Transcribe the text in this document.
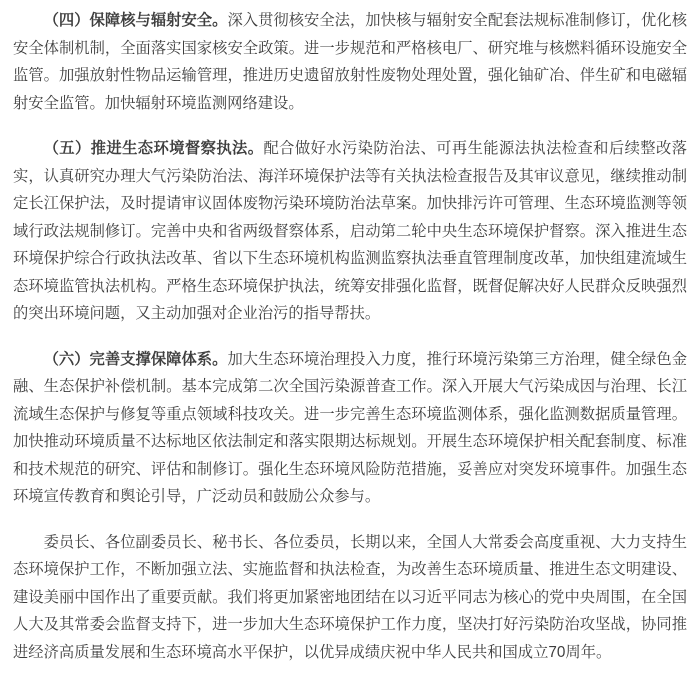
（四）保障核与辐射安全。深入贯彻核安全法，加快核与辐射安全配套法规标准制修订，优化核安全体制机制，全面落实国家核安全政策。进一步规范和严格核电厂、研究堆与核燃料循环设施安全监管。加强放射性物品运输管理，推进历史遗留放射性废物处理处置，强化铀矿冶、伴生矿和电磁辐射安全监管。加快辐射环境监测网络建设。

（五）推进生态环境督察执法。配合做好水污染防治法、可再生能源法执法检查和后续整改落实，认真研究办理大气污染防治法、海洋环境保护法等有关执法检查报告及其审议意见，继续推动制定长江保护法，及时提请审议固体废物污染环境防治法草案。加快排污许可管理、生态环境监测等领域行政法规制修订。完善中央和省两级督察体系，启动第二轮中央生态环境保护督察。深入推进生态环境保护综合行政执法改革、省以下生态环境机构监测监察执法垂直管理制度改革，加快组建流域生态环境监管执法机构。严格生态环境保护执法，统筹安排强化监督，既督促解决好人民群众反映强烈的突出环境问题，又主动加强对企业治污的指导帮扶。

（六）完善支撑保障体系。加大生态环境治理投入力度，推行环境污染第三方治理，健全绿色金融、生态保护补偿机制。基本完成第二次全国污染源普查工作。深入开展大气污染成因与治理、长江流域生态保护与修复等重点领域科技攻关。进一步完善生态环境监测体系，强化监测数据质量管理。加快推动环境质量不达标地区依法制定和落实限期达标规划。开展生态环境保护相关配套制度、标准和技术规范的研究、评估和制修订。强化生态环境风险防范措施，妥善应对突发环境事件。加强生态环境宣传教育和舆论引导，广泛动员和鼓励公众参与。

委员长、各位副委员长、秘书长、各位委员，长期以来，全国人大常委会高度重视、大力支持生态环境保护工作，不断加强立法、实施监督和执法检查，为改善生态环境质量、推进生态文明建设、建设美丽中国作出了重要贡献。我们将更加紧密地团结在以习近平同志为核心的党中央周围，在全国人大及其常委会监督支持下，进一步加大生态环境保护工作力度，坚决打好污染防治攻坚战，协同推进经济高质量发展和生态环境高水平保护，以优异成绩庆祝中华人民共和国成立70周年。
